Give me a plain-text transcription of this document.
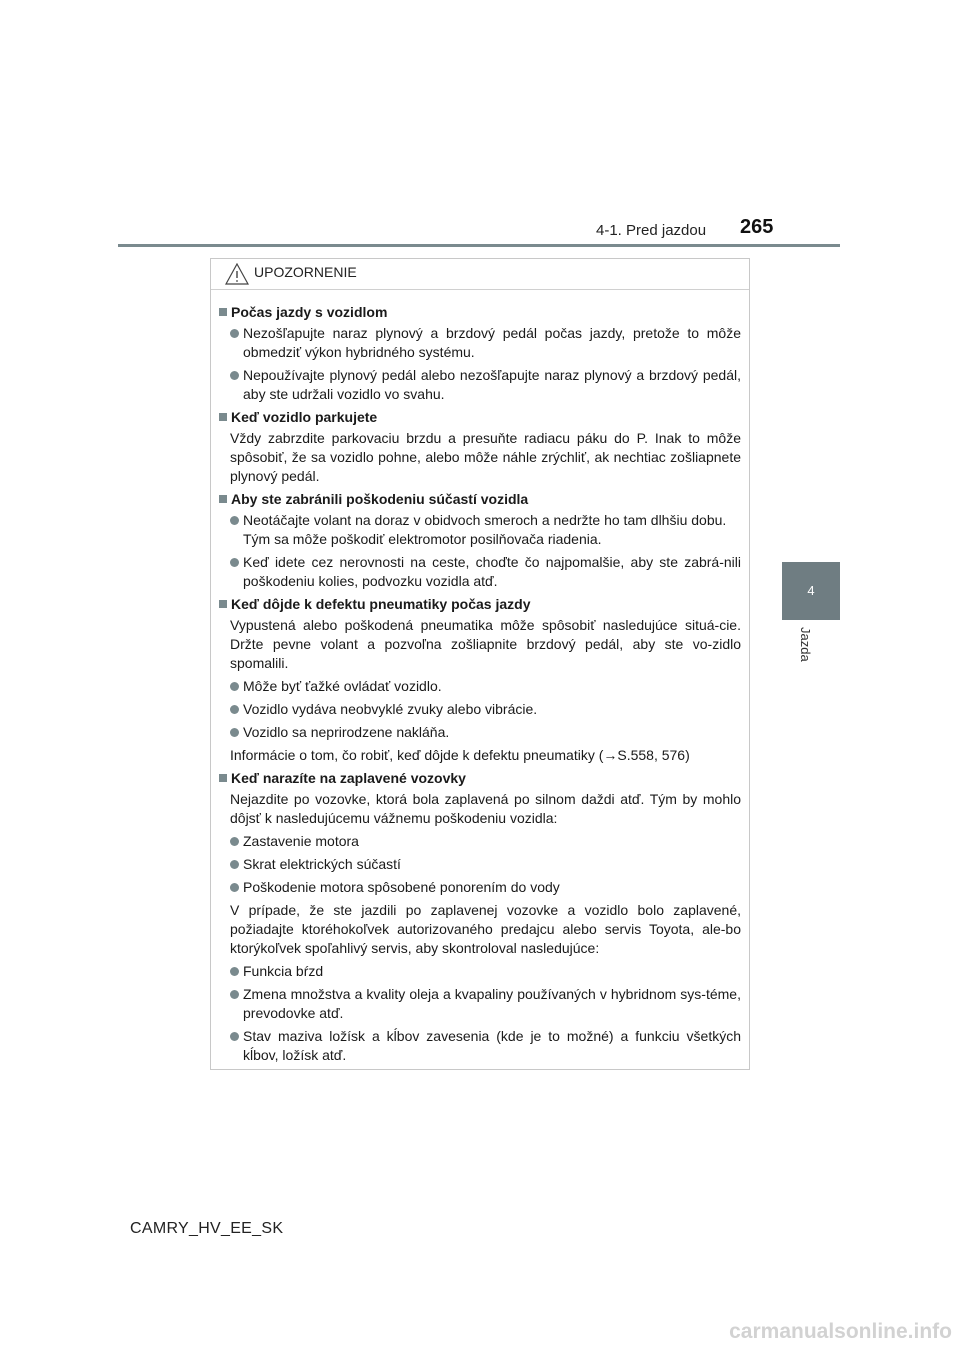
4-1. Pred jazdou 265
4
Jazda
UPOZORNENIE
Počas jazdy s vozidlom
Nezošľapujte naraz plynový a brzdový pedál počas jazdy, pretože to môže obmedziť výkon hybridného systému.
Nepoužívajte plynový pedál alebo nezošľapujte naraz plynový a brzdový pedál, aby ste udržali vozidlo vo svahu.
Keď vozidlo parkujete
Vždy zabrzdite parkovaciu brzdu a presuňte radiacu páku do P. Inak to môže spôsobiť, že sa vozidlo pohne, alebo môže náhle zrýchliť, ak nechtiac zošliapnete plynový pedál.
Aby ste zabránili poškodeniu súčastí vozidla
Neotáčajte volant na doraz v obidvoch smeroch a nedržte ho tam dlhšiu dobu.
Tým sa môže poškodiť elektromotor posilňovača riadenia.
Keď idete cez nerovnosti na ceste, choďte čo najpomalšie, aby ste zabrá-nili poškodeniu kolies, podvozku vozidla atď.
Keď dôjde k defektu pneumatiky počas jazdy
Vypustená alebo poškodená pneumatika môže spôsobiť nasledujúce situá-cie. Držte pevne volant a pozvoľna zošliapnite brzdový pedál, aby ste vo-zidlo spomalili.
Môže byť ťažké ovládať vozidlo.
Vozidlo vydáva neobvyklé zvuky alebo vibrácie.
Vozidlo sa neprirodzene nakláňa.
Informácie o tom, čo robiť, keď dôjde k defektu pneumatiky (→S.558, 576)
Keď narazíte na zaplavené vozovky
Nejazdite po vozovke, ktorá bola zaplavená po silnom daždi atď. Tým by mohlo dôjsť k nasledujúcemu vážnemu poškodeniu vozidla:
Zastavenie motora
Skrat elektrických súčastí
Poškodenie motora spôsobené ponorením do vody
V prípade, že ste jazdili po zaplavenej vozovke a vozidlo bolo zaplavené, požiadajte ktoréhokoľvek autorizovaného predajcu alebo servis Toyota, ale-bo ktorýkoľvek spoľahlivý servis, aby skontroloval nasledujúce:
Funkcia bŕzd
Zmena množstva a kvality oleja a kvapaliny používaných v hybridnom sys-téme, prevodovke atď.
Stav maziva ložísk a kĺbov zavesenia (kde je to možné) a funkciu všetkých kĺbov, ložísk atď.
CAMRY_HV_EE_SK
carmanualsonline.info
